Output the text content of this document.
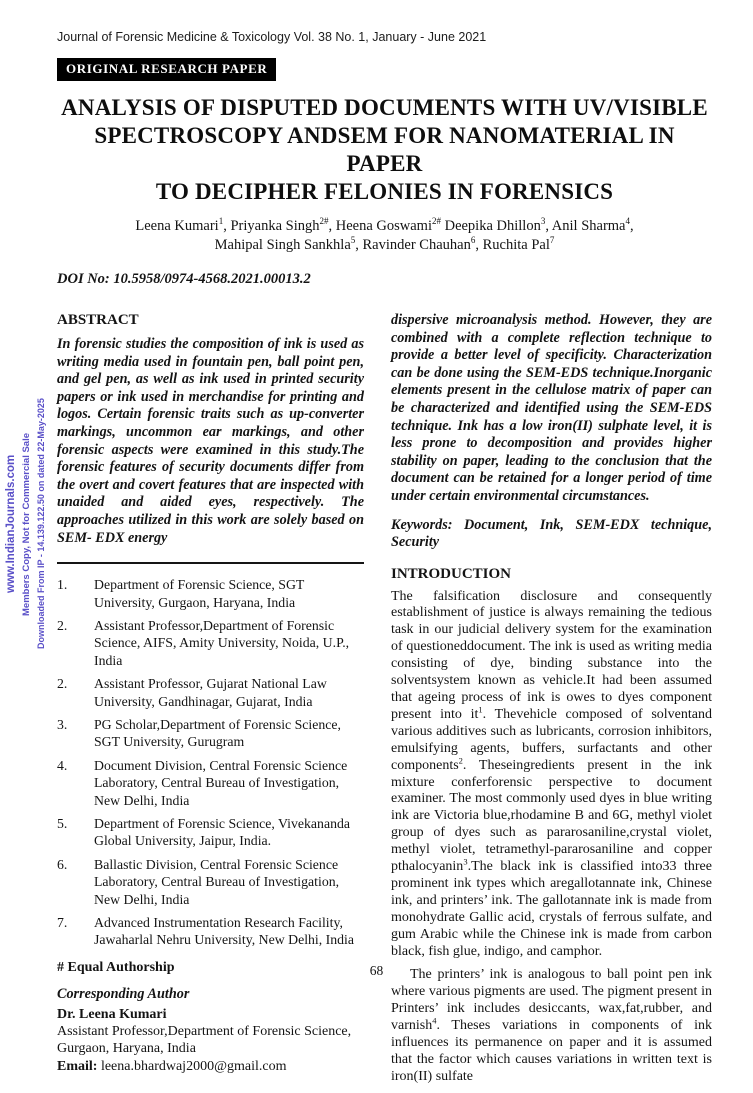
www.IndianJournals.com Members Copy, Not for Commercial Sale Downloaded From IP - 14.139.122.50 on dated 22-May-2025
Journal of Forensic Medicine & Toxicology Vol. 38 No. 1, January - June 2021
ORIGINAL RESEARCH PAPER
ANALYSIS OF DISPUTED DOCUMENTS WITH UV/VISIBLE
SPECTROSCOPY ANDSEM FOR NANOMATERIAL IN PAPER
TO DECIPHER FELONIES IN FORENSICS
Leena Kumari$^1$, Priyanka Singh$^{2\#}$, Heena Goswami$^{2\#}$ Deepika Dhillon$^3$, Anil Sharma$^4$,
Mahipal Singh Sankhla$^5$, Ravinder Chauhan$^6$, Ruchita Pal$^7$
DOI No: 10.5958/0974-4568.2021.00013.2
ABSTRACT

In forensic studies the composition of ink is used as writing media used in fountain pen, ball point pen, and gel pen, as well as ink used in printed security papers or ink used in merchandise for printing and logos. Certain forensic traits such as up-converter markings, uncommon ear markings, and other forensic aspects were examined in this study.The forensic features of security documents differ from the overt and covert features that are inspected with unaided and aided eyes, respectively. The approaches utilized in this work are solely based on SEM- EDX energy

1.	Department of Forensic Science, SGT University, Gurgaon, Haryana, India
2.	Assistant Professor,Department of Forensic Science, AIFS, Amity University, Noida, U.P., India
2.	Assistant Professor, Gujarat National Law University, Gandhinagar, Gujarat, India
3.	PG Scholar,Department of Forensic Science, SGT University, Gurugram
4.	Document Division, Central Forensic Science Laboratory, Central Bureau of Investigation, New Delhi, India
5.	Department of Forensic Science, Vivekananda Global University, Jaipur, India.
6.	Ballastic Division, Central Forensic Science Laboratory, Central Bureau of Investigation, New Delhi, India
7.	Advanced Instrumentation Research Facility, Jawaharlal Nehru University, New Delhi, India
# Equal Authorship
Corresponding Author
Dr. Leena Kumari
Assistant Professor,Department of Forensic Science,
Gurgaon, Haryana, India
Email: leena.bhardwaj2000@gmail.com

dispersive microanalysis method. However, they are combined with a complete reflection technique to provide a better level of specificity. Characterization can be done using the SEM-EDS technique.Inorganic elements present in the cellulose matrix of paper can be characterized and identified using the SEM-EDS technique. Ink has a low iron(II) sulphate level, it is less prone to decomposition and provides higher stability on paper, leading to the conclusion that the document can be retained for a longer period of time under certain environmental circumstances.

Keywords: Document, Ink, SEM-EDX technique, Security

INTRODUCTION

The falsification disclosure and consequently establishment of justice is always remaining the tedious task in our judicial delivery system for the examination of questioneddocument. The ink is used as writing media consisting of dye, binding substance into the solventsystem known as vehicle.It had been assumed that ageing process of ink is owes to dyes component present into $it^1$. Thevehicle composed of solventand various additives such as lubricants, corrosion inhibitors, emulsifying agents, buffers, surfactants and other components$^2$. Theseingredients present in the ink mixture conferforensic perspective to document examiner. The most commonly used dyes in blue writing ink are Victoria blue,rhodamine B and 6G, methyl violet group of dyes such as pararosaniline,crystal violet, methyl violet, tetramethyl-pararosaniline and copper pthalocyanin$^3$.The black ink is classified into33 three prominent ink types which aregallotannate ink, Chinese ink, and printers’ ink. The gallotannate ink is made from monohydrate Gallic acid, crystals of ferrous sulfate, and gum Arabic while the Chinese ink is made from carbon black, fish glue, indigo, and camphor.

The printers’ ink is analogous to ball point pen ink where various pigments are used. The pigment present in Printers’ ink includes desiccants, wax,fat,rubber, and varnish$^4$. Theses variations in components of ink influences its permanence on paper and it is assumed that the factor which causes variations in written text is iron(II) sulfate

68
